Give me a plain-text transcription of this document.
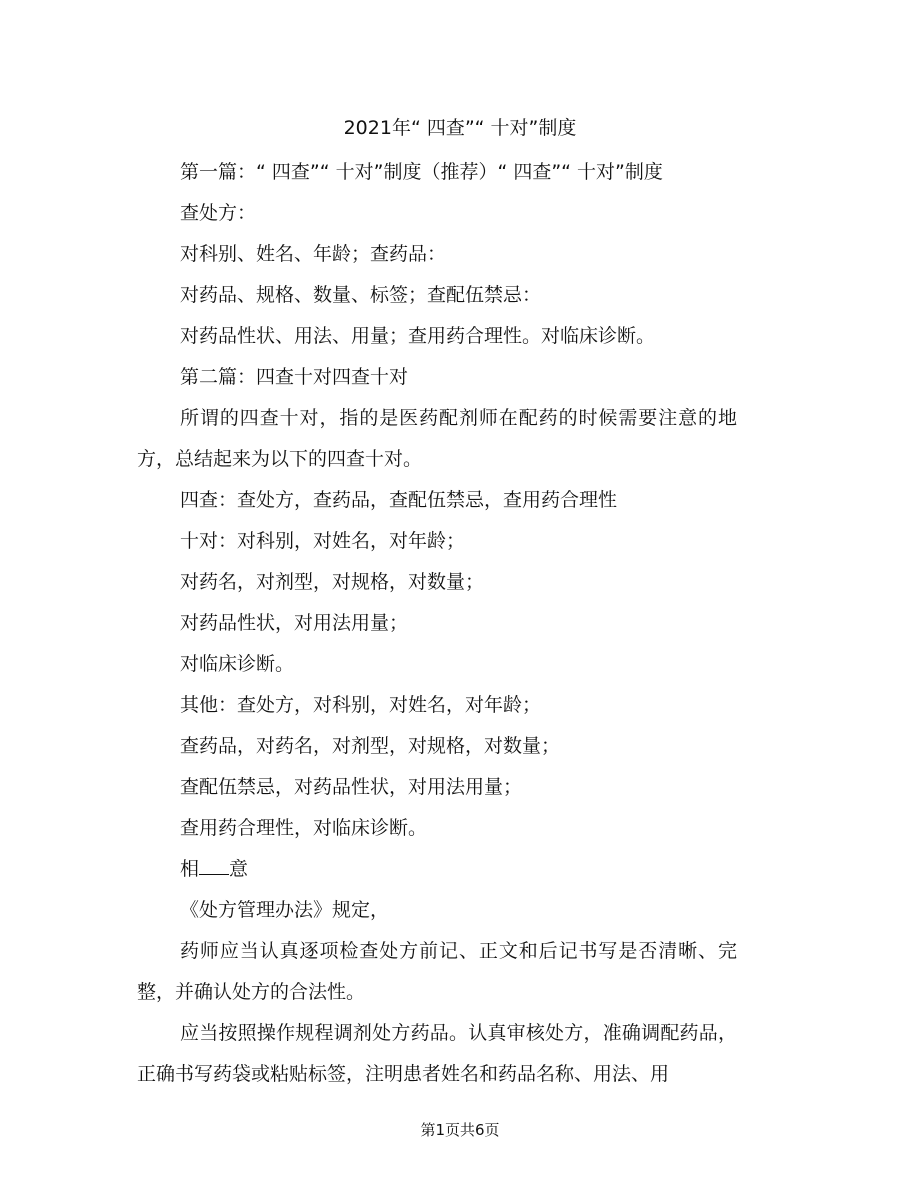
2021年“ 四查”“ 十对”制度

第一篇：“ 四查”“ 十对”制度（推荐）“ 四查”“ 十对”制度

查处方：

对科别、姓名、年龄；查药品：

对药品、规格、数量、标签；查配伍禁忌：

对药品性状、用法、用量；查用药合理性。对临床诊断。

第二篇：四查十对四查十对

所谓的四查十对，指的是医药配剂师在配药的时候需要注意的地方，总结起来为以下的四查十对。

四查：查处方，查药品，查配伍禁忌，查用药合理性

十对：对科别，对姓名，对年龄；

对药名，对剂型，对规格，对数量；

对药品性状，对用法用量；

对临床诊断。

其他：查处方，对科别，对姓名，对年龄；

查药品，对药名，对剂型，对规格，对数量；

查配伍禁忌，对药品性状，对用法用量；

查用药合理性，对临床诊断。

相 意

《处方管理办法》规定，

药师应当认真逐项检查处方前记、正文和后记书写是否清晰、完整，并确认处方的合法性。

应当按照操作规程调剂处方药品。认真审核处方，准确调配药品，正确书写药袋或粘贴标签，注明患者姓名和药品名称、用法、用

第1页共6页
